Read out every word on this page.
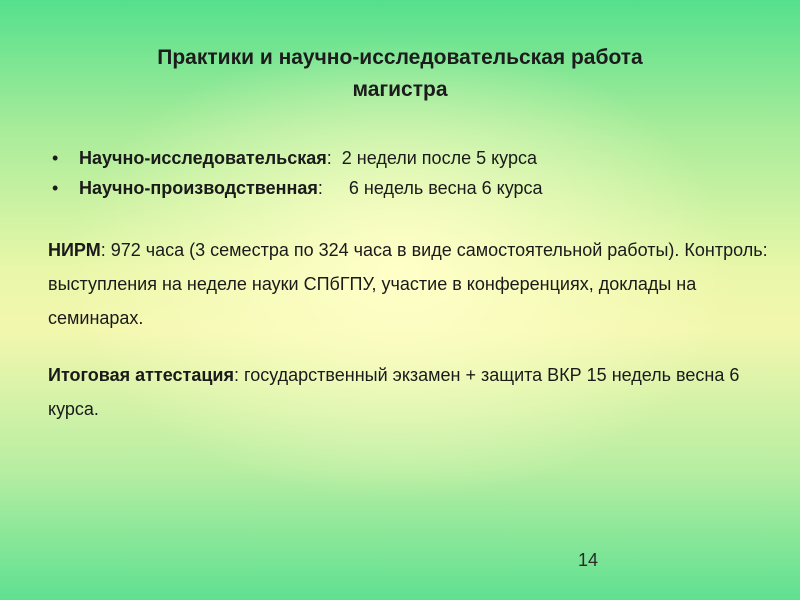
Практики и научно-исследовательская работа
магистра
• Научно-исследовательская: 2 недели после 5 курса
• Научно-производственная: 6 недель весна 6 курса

НИРМ: 972 часа (3 семестра по 324 часа в виде самостоятельной работы). Контроль: выступления на неделе науки СПбГПУ, участие в конференциях, доклады на семинарах.

Итоговая аттестация: государственный экзамен + защита ВКР 15 недель весна 6 курса.

14
